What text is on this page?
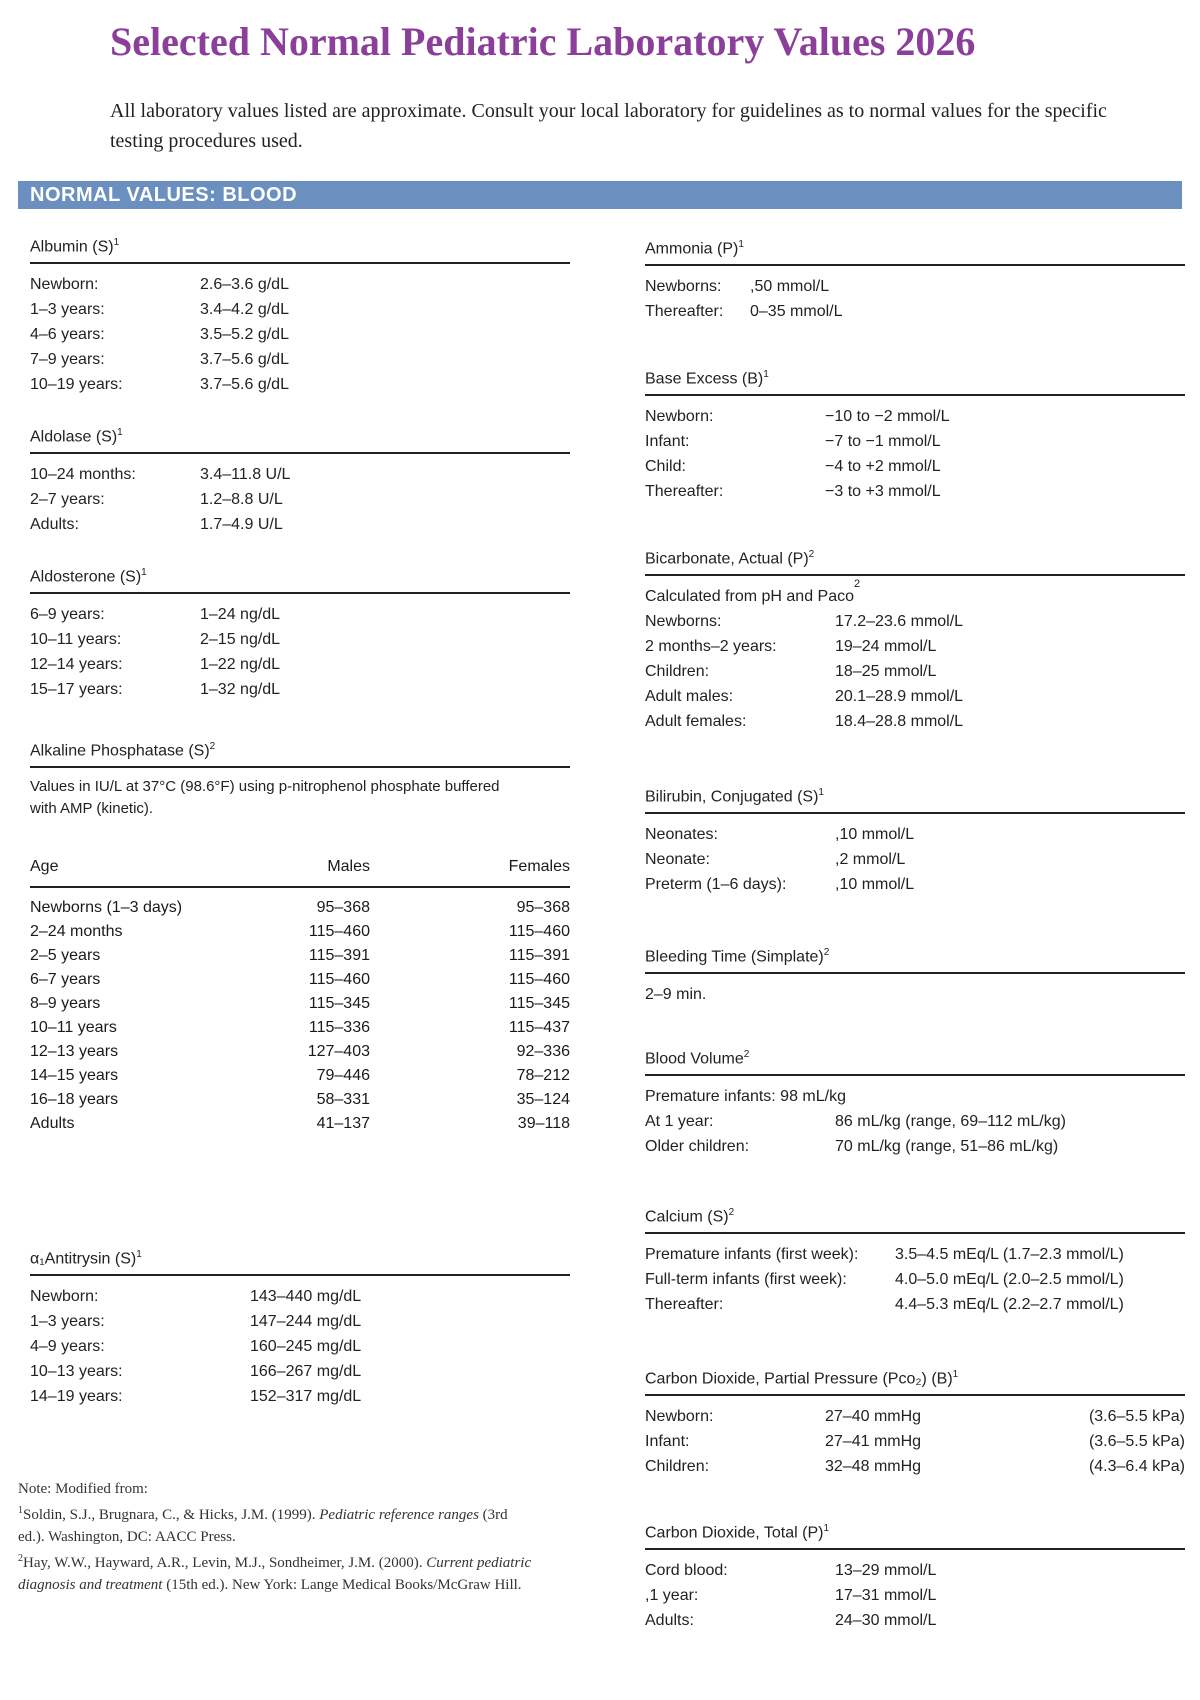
Selected Normal Pediatric Laboratory Values 2026
All laboratory values listed are approximate. Consult your local laboratory for guidelines as to normal values for the specific testing procedures used.
NORMAL VALUES: BLOOD
Albumin $(S)^1$
Newborn:	2.6–3.6 g/dL
1–3 years:	3.4–4.2 g/dL
4–6 years:	3.5–5.2 g/dL
7–9 years:	3.7–5.6 g/dL
10–19 years:	3.7–5.6 g/dL
Aldolase $(S)^1$
10–24 months:	3.4–11.8 U/L
2–7 years:	1.2–8.8 U/L
Adults:	1.7–4.9 U/L
Aldosterone $(S)^1$
6–9 years:	1–24 ng/dL
10–11 years:	2–15 ng/dL
12–14 years:	1–22 ng/dL
15–17 years:	1–32 ng/dL
Alkaline Phosphatase $(S)^2$
Values in IU/L at 37°C (98.6°F) using p-nitrophenol phosphate buffered with AMP (kinetic).
Age	Males	Females
Newborns (1–3 days)	95–368	95–368
2–24 months	115–460	115–460
2–5 years	115–391	115–391
6–7 years	115–460	115–460
8–9 years	115–345	115–345
10–11 years	115–336	115–437
12–13 years	127–403	92–336
14–15 years	79–446	78–212
16–18 years	58–331	35–124
Adults	41–137	39–118
α₁Antitrysin $(S)^1$
Newborn:	143–440 mg/dL
1–3 years:	147–244 mg/dL
4–9 years:	160–245 mg/dL
10–13 years:	166–267 mg/dL
14–19 years:	152–317 mg/dL
Ammonia $(P)^1$
Newborns:	,50 mmol/L
Thereafter:	0–35 mmol/L
Base Excess $(B)^1$
Newborn:	−10 to −2 mmol/L
Infant:	−7 to −1 mmol/L
Child:	−4 to +2 mmol/L
Thereafter:	−3 to +3 mmol/L
Bicarbonate, Actual $(P)^2$
Calculated from pH and Paco
2
Newborns:	17.2–23.6 mmol/L
2 months–2 years:	19–24 mmol/L
Children:	18–25 mmol/L
Adult males:	20.1–28.9 mmol/L
Adult females:	18.4–28.8 mmol/L
Bilirubin, Conjugated $(S)^1$
Neonates:	,10 mmol/L
Neonate:	,2 mmol/L
Preterm (1–6 days):	,10 mmol/L
Bleeding Time (Simplate)$^2$
2–9 min.
Blood Volume$^2$
Premature infants: 98 mL/kg
At 1 year:	86 mL/kg (range, 69–112 mL/kg)
Older children:	70 mL/kg (range, 51–86 mL/kg)
Calcium $(S)^2$
Premature infants (first week):	3.5–4.5 mEq/L (1.7–2.3 mmol/L)
Full-term infants (first week):	4.0–5.0 mEq/L (2.0–2.5 mmol/L)
Thereafter:	4.4–5.3 mEq/L (2.2–2.7 mmol/L)
Carbon Dioxide, Partial Pressure (Pco₂) $(B)^1$
Newborn:	27–40 mmHg	(3.6–5.5 kPa)
Infant:	27–41 mmHg	(3.6–5.5 kPa)
Children:	32–48 mmHg	(4.3–6.4 kPa)
Carbon Dioxide, Total $(P)^1$
Cord blood:	13–29 mmol/L
,1 year:	17–31 mmol/L
Adults:	24–30 mmol/L
Note: Modified from:
$^1$Soldin, S.J., Brugnara, C., & Hicks, J.M. (1999). Pediatric reference ranges (3rd ed.). Washington, DC: AACC Press.
$^2$Hay, W.W., Hayward, A.R., Levin, M.J., Sondheimer, J.M. (2000). Current pediatric diagnosis and treatment (15th ed.). New York: Lange Medical Books/McGraw Hill.
